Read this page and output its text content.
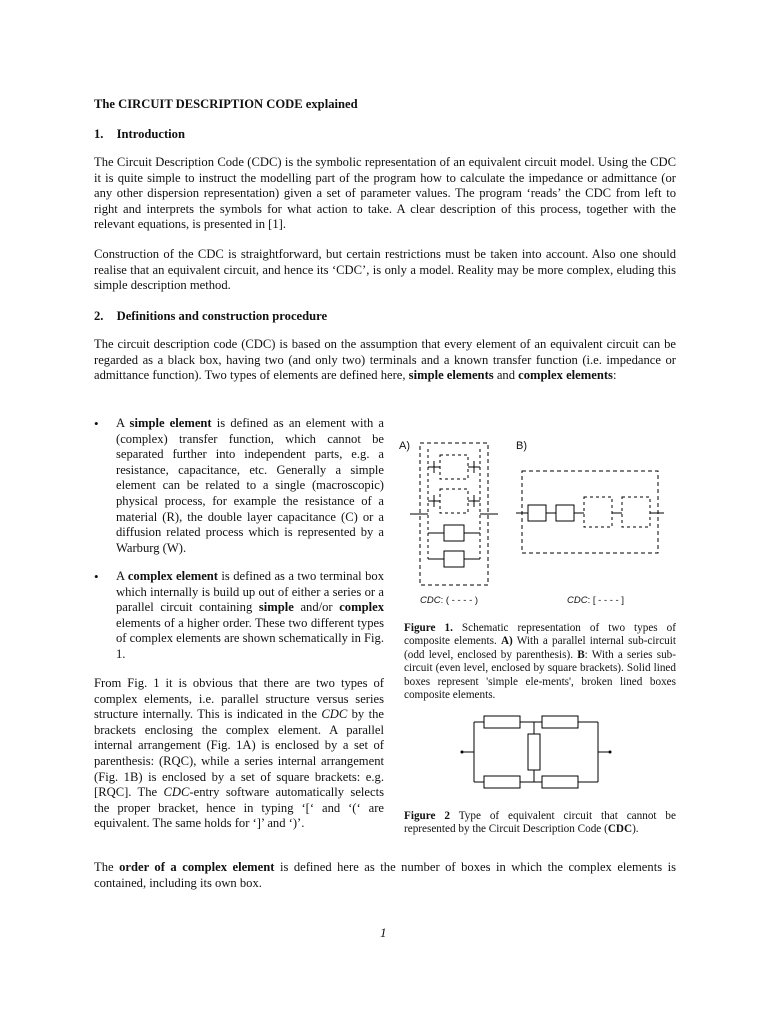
The CIRCUIT DESCRIPTION CODE explained
1. Introduction

The Circuit Description Code (CDC) is the symbolic representation of an equivalent circuit model. Using the CDC it is quite simple to instruct the modelling part of the program how to calculate the impedance or admittance (or any other dispersion representation) given a set of parameter values. The program ‘reads’ the CDC from left to right and interprets the symbols for what action to take. A clear description of this process, together with the relevant equations, is presented in [1].

Construction of the CDC is straightforward, but certain restrictions must be taken into account. Also one should realise that an equivalent circuit, and hence its ‘CDC’, is only a model. Reality may be more complex, eluding this simple description method.

2. Definitions and construction procedure

The circuit description code (CDC) is based on the assumption that every element of an equivalent circuit can be regarded as a black box, having two (and only two) terminals and a known transfer function (i.e. impedance or admittance function). Two types of elements are defined here, simple elements and complex elements:

• A simple element is defined as an element with a (complex) transfer function, which cannot be separated further into independent parts, e.g. a resistance, capacitance, etc. Generally a simple element can be related to a single (macroscopic) physical process, for example the resistance of a material (R), the double layer capacitance (C) or a diffusion related process which is represented by a Warburg (W).

• A complex element is defined as a two terminal box which internally is build up out of either a series or a parallel circuit containing simple and/or complex elements of a higher order. These two different types of complex elements are shown schematically in Fig. 1.

From Fig. 1 it is obvious that there are two types of complex elements, i.e. parallel structure versus series structure internally. This is indicated in the CDC by the brackets enclosing the complex element. A parallel internal arrangement (Fig. 1A) is enclosed by a set of parenthesis: (RQC), while a series internal arrangement (Fig. 1B) is enclosed by a set of square brackets: e.g. [RQC]. The CDC-entry software automatically selects the proper bracket, hence in typing ‘[‘ and ‘(‘ are equivalent. The same holds for ‘]’ and ‘)’.

A)	B)
CDC: ( - - - - )	CDC: [ - - - - ]

Figure 1. Schematic representation of two types of composite elements. A) With a parallel internal sub-circuit (odd level, enclosed by parenthesis). B: With a series sub-circuit (even level, enclosed by square brackets). Solid lined boxes represent 'simple ele-ments', broken lined boxes composite elements.

Figure 2 Type of equivalent circuit that cannot be represented by the Circuit Description Code (CDC).

The order of a complex element is defined here as the number of boxes in which the complex elements is contained, including its own box.

1
